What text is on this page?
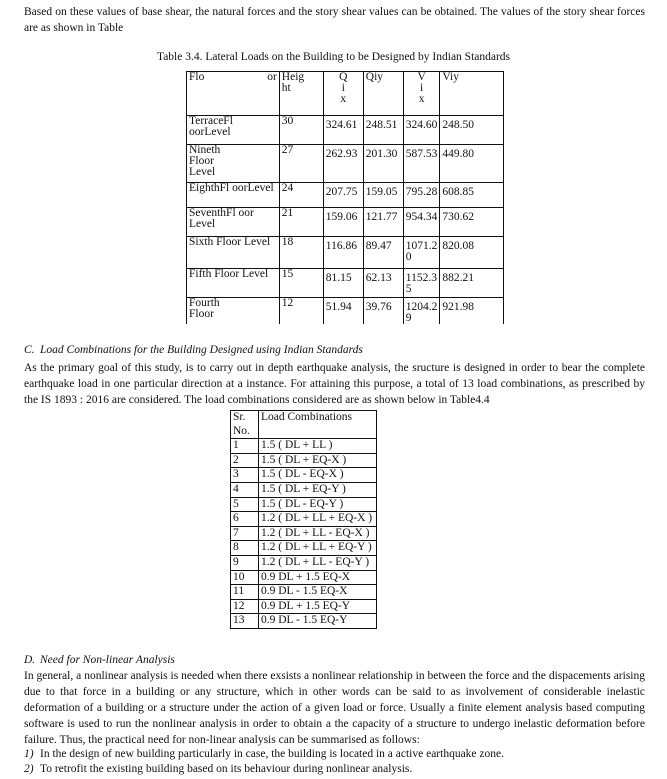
Based on these values of base shear, the natural forces and the story shear values can be obtained. The values of the story shear forces are as shown in Table
Table 3.4. Lateral Loads on the Building to be Designed by Indian Standards
Flo or	Heig ht	Q i x	Qiy	V i x	Viy
TerraceFl oorLevel	30	324.61	248.51	324.60	248.50
Nineth Floor Level	27	262.93	201.30	587.53	449.80
EighthFl oorLevel	24	207.75	159.05	795.28	608.85
SeventhFl oor Level	21	159.06	121.77	954.34	730.62
Sixth Floor Level	18	116.86	89.47	1071.2 0	820.08
Fifth Floor Level	15	81.15	62.13	1152.3 5	882.21
Fourth Floor	12	51.94	39.76	1204.2 9	921.98
C. Load Combinations for the Building Designed using Indian Standards
As the primary goal of this study, is to carry out in depth earthquake analysis, the sructure is designed in order to bear the complete earthquake load in one particular direction at a instance. For attaining this purpose, a total of 13 load combinations, as prescribed by the IS 1893 : 2016 are considered. The load combinations considered are as shown below in Table4.4
Sr. No.	Load Combinations
1	1.5 ( DL + LL )
2	1.5 ( DL + EQ-X )
3	1.5 ( DL - EQ-X )
4	1.5 ( DL + EQ-Y )
5	1.5 ( DL - EQ-Y )
6	1.2 ( DL + LL + EQ-X )
7	1.2 ( DL + LL - EQ-X )
8	1.2 ( DL + LL + EQ-Y )
9	1.2 ( DL + LL - EQ-Y )
10	0.9 DL + 1.5 EQ-X
11	0.9 DL - 1.5 EQ-X
12	0.9 DL + 1.5 EQ-Y
13	0.9 DL - 1.5 EQ-Y
D. Need for Non-linear Analysis
In general, a nonlinear analysis is needed when there exsists a nonlinear relationship in between the force and the dispacements arising due to that force in a building or any structure, which in other words can be said to as involvement of considerable inelastic deformation of a building or a structure under the action of a given load or force. Usually a finite element analysis based computing software is used to run the nonlinear analysis in order to obtain a the capacity of a structure to undergo inelastic deformation before failure. Thus, the practical need for non-linear analysis can be summarised as follows:
1) In the design of new building particularly in case, the building is located in a active earthquake zone.
2) To retrofit the existing building based on its behaviour during nonlinear analysis.
